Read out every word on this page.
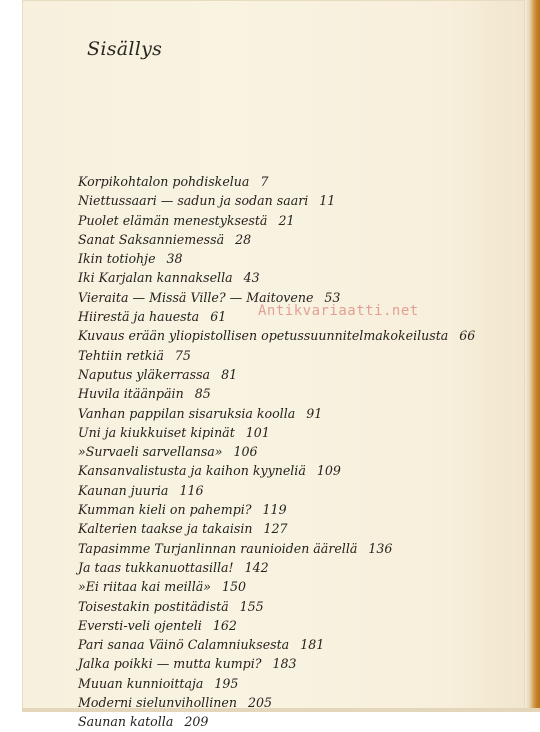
Sisällys
Korpikohtalon pohdiskelua 7
Niettussaari — sadun ja sodan saari 11
Puolet elämän menestyksestä 21
Sanat Saksanniemessä 28
Ikin totiohje 38
Iki Karjalan kannaksella 43
Vieraita — Missä Ville? — Maitovene 53
Hiirestä ja hauesta 61
Kuvaus erään yliopistollisen opetussuunnitelmakokeilusta 66
Tehtiin retkiä 75
Naputus yläkerrassa 81
Huvila itäänpäin 85
Vanhan pappilan sisaruksia koolla 91
Uni ja kiukkuiset kipinät 101
»Survaeli sarvellansa» 106
Kansanvalistusta ja kaihon kyyneliä 109
Kaunan juuria 116
Kumman kieli on pahempi? 119
Kalterien taakse ja takaisin 127
Tapasimme Turjanlinnan raunioiden äärellä 136
Ja taas tukkanuottasilla! 142
»Ei riitaa kai meillä» 150
Toisestakin postitädistä 155
Eversti-veli ojenteli 162
Pari sanaa Väinö Calamniuksesta 181
Jalka poikki — mutta kumpi? 183
Muuan kunnioittaja 195
Moderni sielunvihollinen 205
Saunan katolla 209
Antikvariaatti.net
